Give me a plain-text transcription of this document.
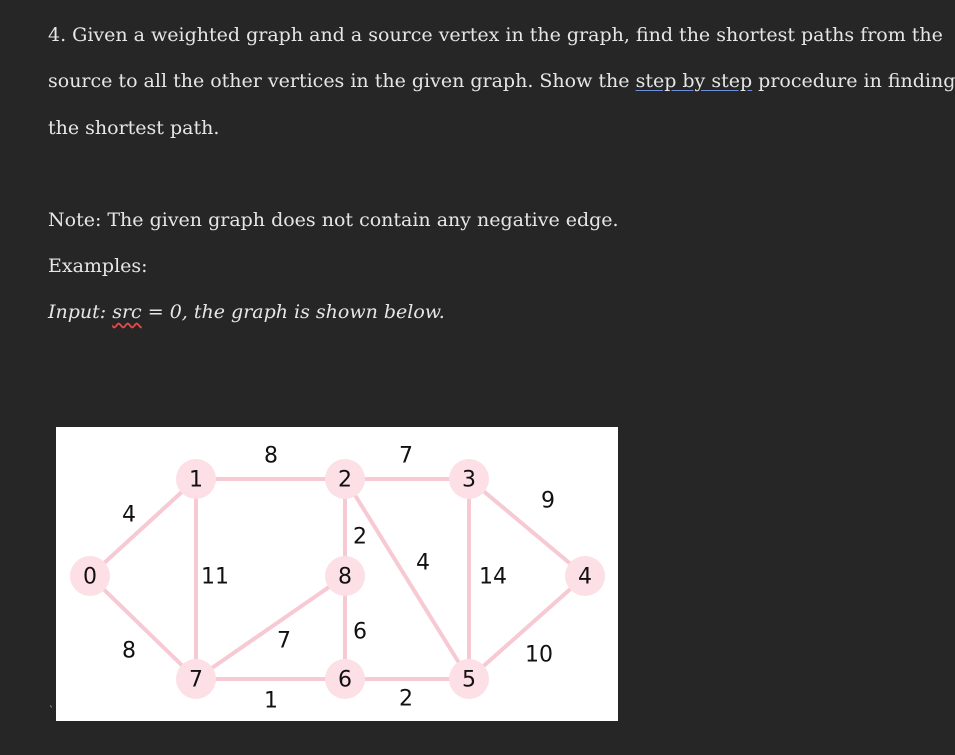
4. Given a weighted graph and a source vertex in the graph, find the shortest paths from the
source to all the other vertices in the given graph. Show the step by step procedure in finding
the shortest path.
Note: The given graph does not contain any negative edge.
Examples:
Input: src = 0, the graph is shown below.
`
4
8
8
11
7
2
4
9
14
10
2
1
6
7
0
1	2	3
4
5
6
7
8
